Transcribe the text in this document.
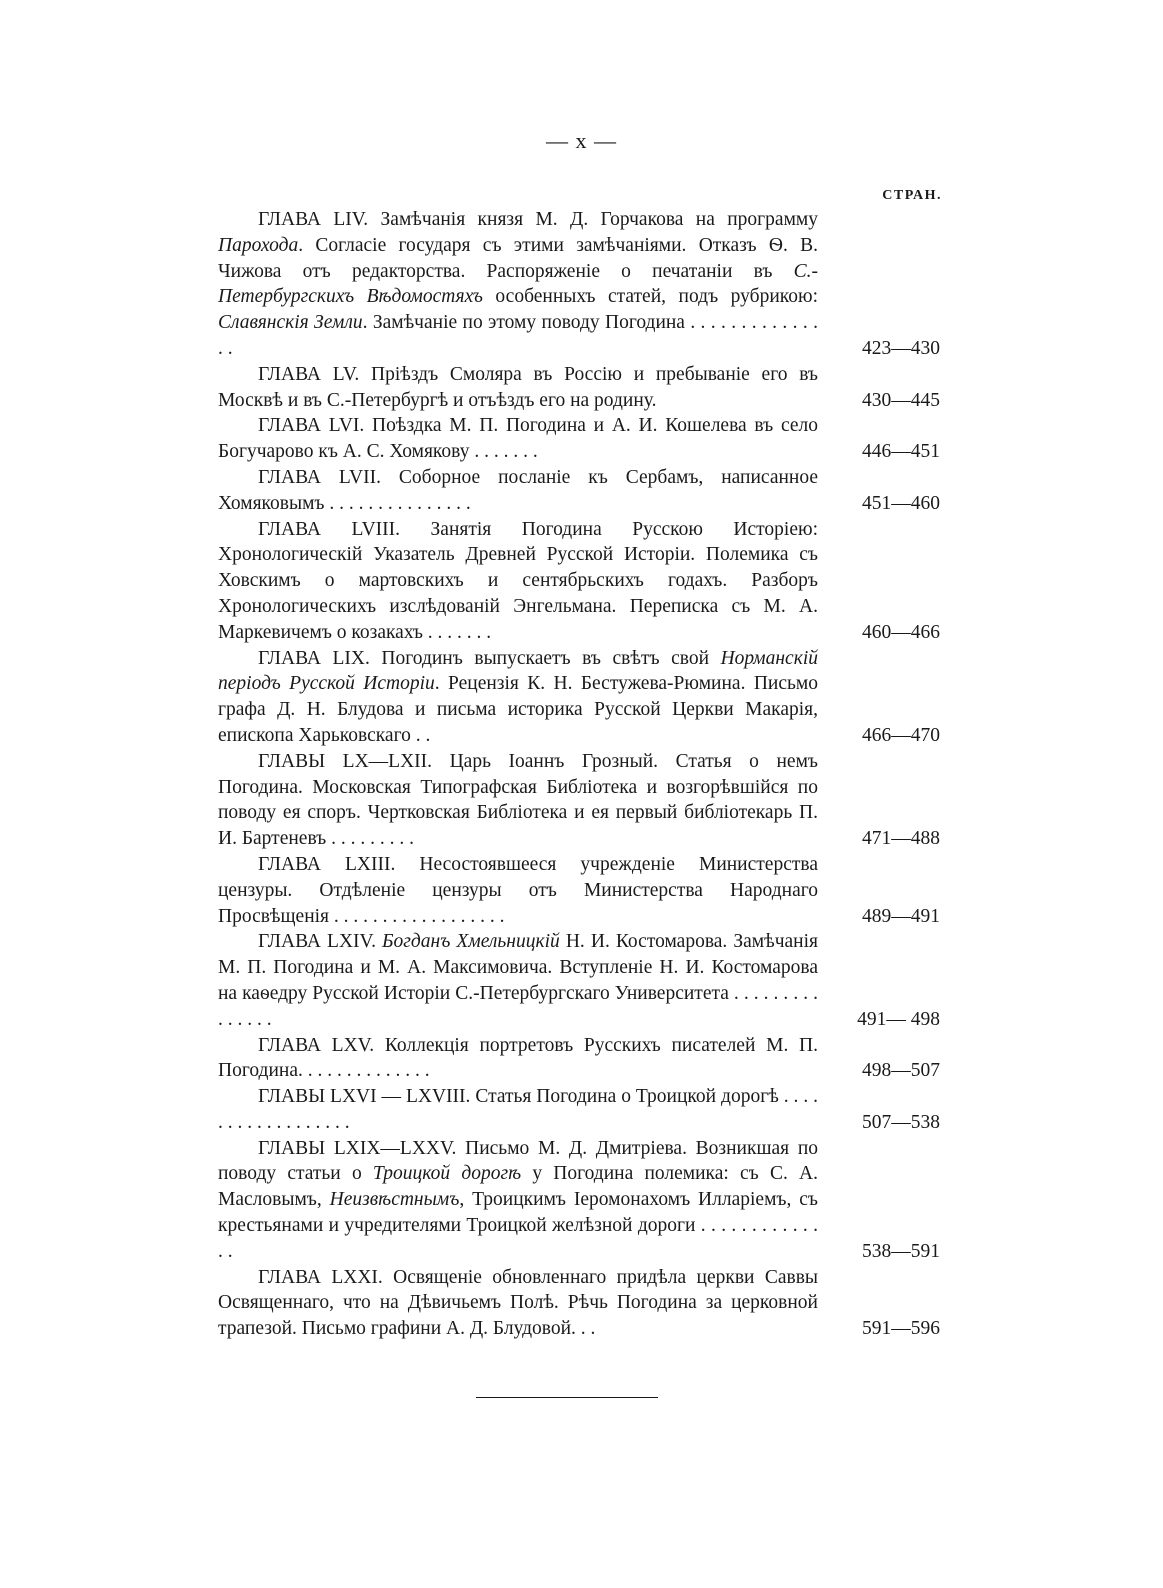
— x —
СТРАН.
ГЛАВА LIV. Замѣчанія князя М. Д. Горчакова на программу Парохода. Согласіе государя съ этими замѣчаніями. Отказъ Ѳ. В. Чижова отъ редакторства. Распоряженіе о печатаніи въ С.-Петербургскихъ Вѣдомостяхъ особенныхъ статей, подъ рубрикою: Славянскія Земли. Замѣчаніе по этому поводу Погодина . . . . . . . . . . . . . . .	423—430
ГЛАВА LV. Пріѣздъ Смоляра въ Россію и пребываніе его въ Москвѣ и въ С.-Петербургѣ и отъѣздъ его на родину.	430—445
ГЛАВА LVI. Поѣздка М. П. Погодина и А. И. Кошелева въ село Богучарово къ А. С. Хомякову . . . . . . .	446—451
ГЛАВА LVII. Соборное посланіе къ Сербамъ, написанное Хомяковымъ . . . . . . . . . . . . . . .	451—460
ГЛАВА LVIII. Занятія Погодина Русскою Исторіею: Хронологическій Указатель Древней Русской Исторіи. Полемика съ Ховскимъ о мартовскихъ и сентябрьскихъ годахъ. Разборъ Хронологическихъ изслѣдованій Энгельмана. Переписка съ М. А. Маркевичемъ о козакахъ . . . . . . .	460—466
ГЛАВА LIX. Погодинъ выпускаетъ въ свѣтъ свой Норманскій періодъ Русской Исторіи. Рецензія К. Н. Бестужева-Рюмина. Письмо графа Д. Н. Блудова и письма историка Русской Церкви Макарія, епископа Харьковскаго . .	466—470
ГЛАВЫ LX—LXII. Царь Іоаннъ Грозный. Статья о немъ Погодина. Московская Типографская Библіотека и возгорѣвшійся по поводу ея споръ. Чертковская Библіотека и ея первый библіотекарь П. И. Бартеневъ . . . . . . . . .	471—488
ГЛАВА LXIII. Несостоявшееся учрежденіе Министерства цензуры. Отдѣленіе цензуры отъ Министерства Народнаго Просвѣщенія . . . . . . . . . . . . . . . . . .	489—491
ГЛАВА LXIV. Богданъ Хмельницкій Н. И. Костомарова. Замѣчанія М. П. Погодина и М. А. Максимовича. Вступленіе Н. И. Костомарова на каѳедру Русской Исторіи С.-Петербургскаго Университета . . . . . . . . . . . . . . .	491— 498
ГЛАВА LXV. Коллекція портретовъ Русскихъ писателей М. П. Погодина. . . . . . . . . . . . . .	498—507
ГЛАВЫ LXVI — LXVIII. Статья Погодина о Троицкой дорогѣ . . . . . . . . . . . . . . . . . .	507—538
ГЛАВЫ LXIX—LXXV. Письмо М. Д. Дмитріева. Возникшая по поводу статьи о Троицкой дорогѣ у Погодина полемика: съ С. А. Масловымъ, Неизвѣстнымъ, Троицкимъ Іеромонахомъ Илларіемъ, съ крестьянами и учредителями Троицкой желѣзной дороги . . . . . . . . . . . . . .	538—591
ГЛАВА LXXI. Освященіе обновленнаго придѣла церкви Саввы Освященнаго, что на Дѣвичьемъ Полѣ. Рѣчь Погодина за церковной трапезой. Письмо графини А. Д. Блудовой. . .	591—596
